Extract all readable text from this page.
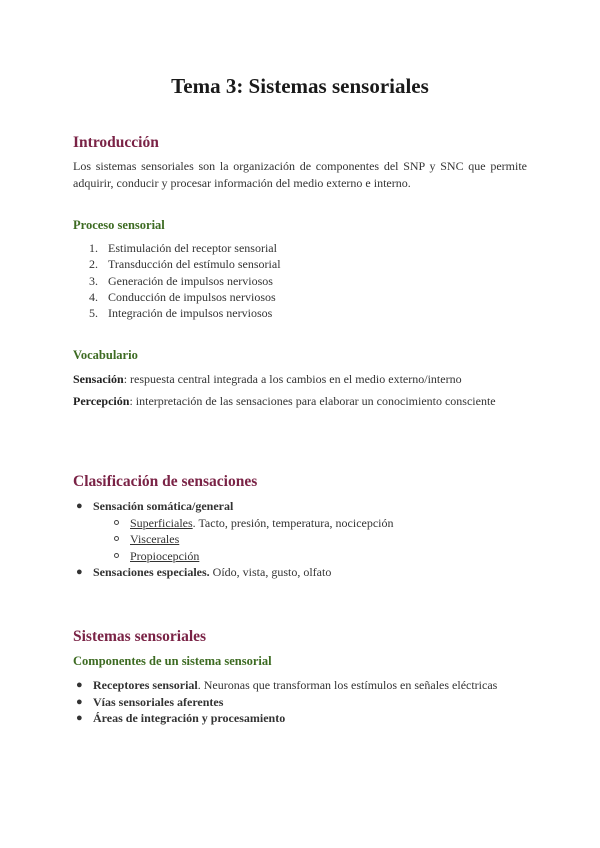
Tema 3: Sistemas sensoriales
Introducción

Los sistemas sensoriales son la organización de componentes del SNP y SNC que permite adquirir, conducir y procesar información del medio externo e interno.

Proceso sensorial
1. Estimulación del receptor sensorial
2. Transducción del estímulo sensorial
3. Generación de impulsos nerviosos
4. Conducción de impulsos nerviosos
5. Integración de impulsos nerviosos
Vocabulario

Sensación: respuesta central integrada a los cambios en el medio externo/interno

Percepción: interpretación de las sensaciones para elaborar un conocimiento consciente

Clasificación de sensaciones
● Sensación somática/general
Superficiales. Tacto, presión, temperatura, nocicepción
Viscerales
Propiocepción
● Sensaciones especiales. Oído, vista, gusto, olfato
Sistemas sensoriales
Componentes de un sistema sensorial
● Receptores sensorial. Neuronas que transforman los estímulos en señales eléctricas
● Vías sensoriales aferentes
● Áreas de integración y procesamiento
